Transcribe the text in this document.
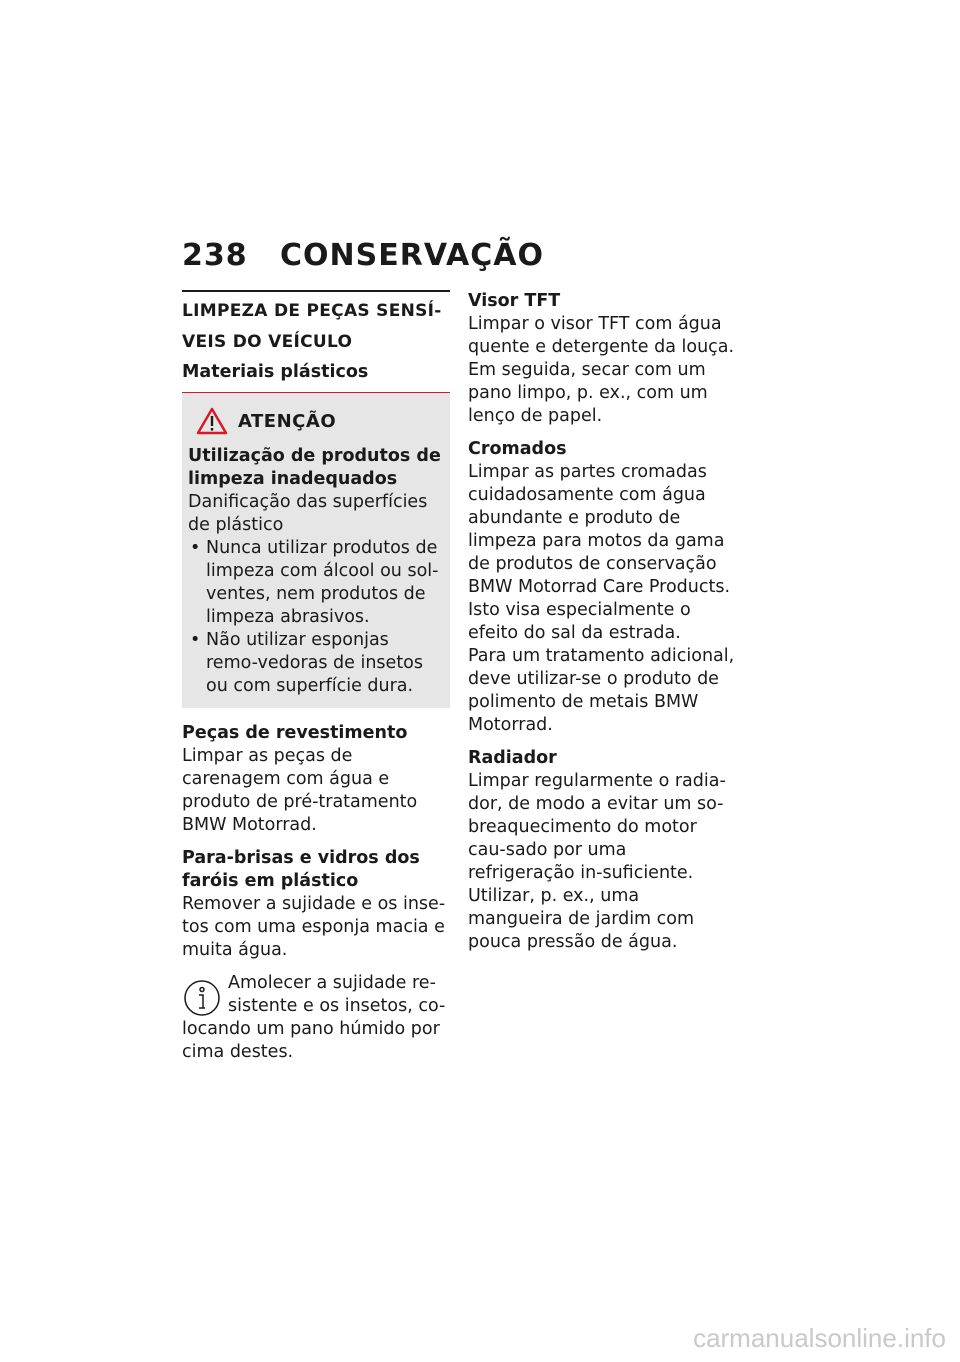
238 CONSERVAÇÃO
LIMPEZA DE PEÇAS SENSÍ-VEIS DO VEÍCULO
Materiais plásticos
ATENÇÃO
Utilização de produtos de limpeza inadequados

Danificação das superfícies de plástico

• Nunca utilizar produtos de limpeza com álcool ou sol-ventes, nem produtos de limpeza abrasivos.
• Não utilizar esponjas remo-vedoras de insetos ou com superfície dura.
Peças de revestimento

Limpar as peças de carenagem com água e produto de pré-tratamento BMW Motorrad.

Para-brisas e vidros dos faróis em plástico

Remover a sujidade e os inse-tos com uma esponja macia e muita água.

Amolecer a sujidade re-sistente e os insetos, co-locando um pano húmido por cima destes.

Visor TFT

Limpar o visor TFT com água quente e detergente da louça. Em seguida, secar com um pano limpo, p. ex., com um lenço de papel.

Cromados

Limpar as partes cromadas cuidadosamente com água abundante e produto de limpeza para motos da gama de produtos de conservação BMW Motorrad Care Products. Isto visa especialmente o efeito do sal da estrada.

Para um tratamento adicional, deve utilizar-se o produto de polimento de metais BMW Motorrad.

Radiador

Limpar regularmente o radia-dor, de modo a evitar um so-breaquecimento do motor cau-sado por uma refrigeração in-suficiente.

Utilizar, p. ex., uma mangueira de jardim com pouca pressão de água.

carmanualsonline.info
